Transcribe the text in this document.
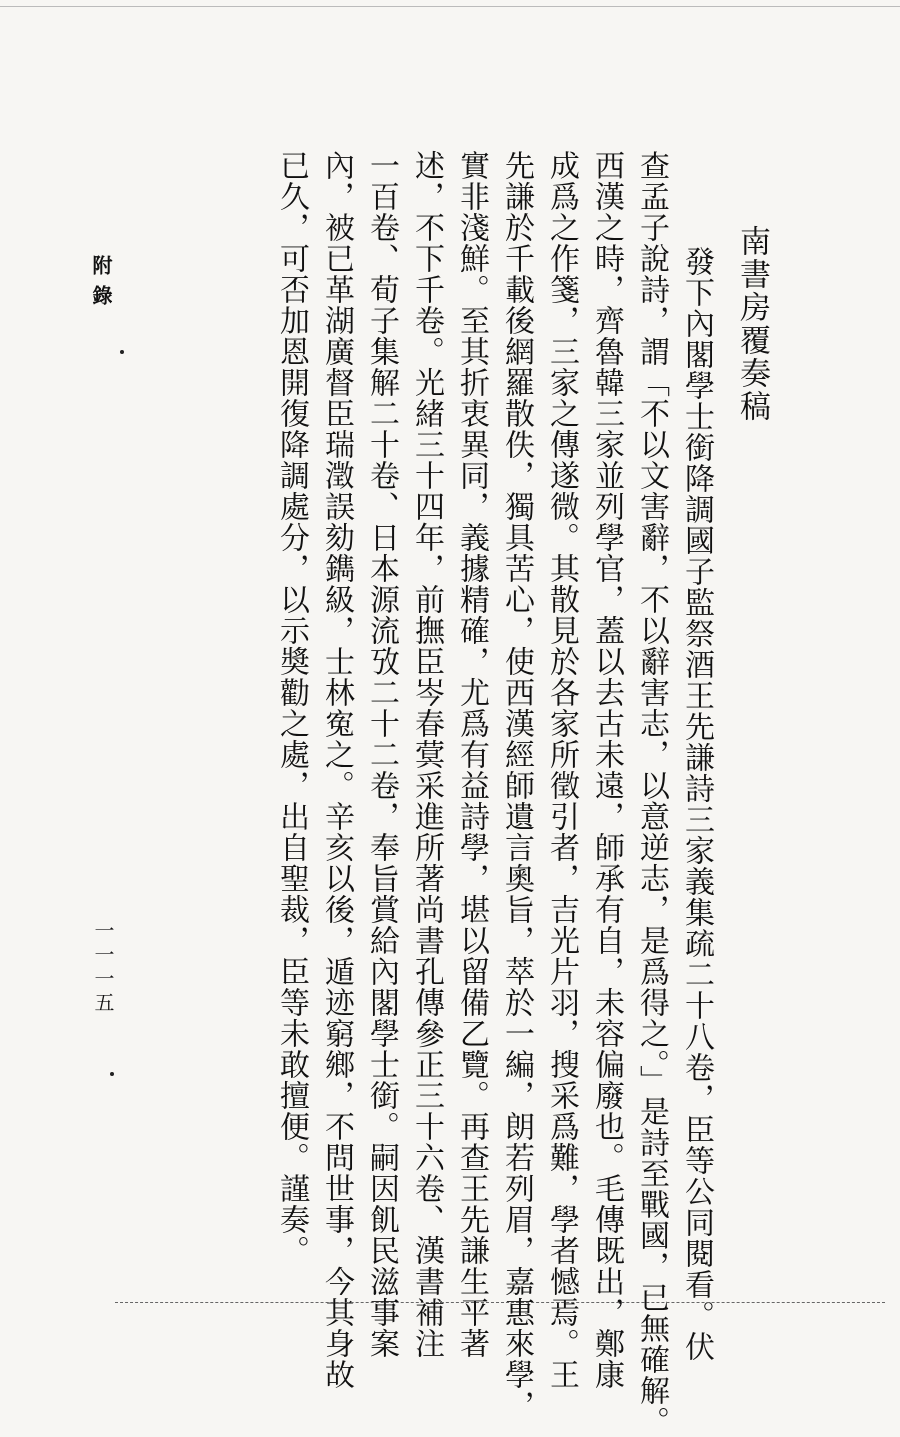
南書房覆奏稿
發下內閣學士銜降調國子監祭酒王先謙詩三家義集疏二十八卷，臣等公同閱看。伏
查孟子說詩，謂「不以文害辭，不以辭害志，以意逆志，是爲得之。」是詩至戰國，已無確解。
西漢之時，齊魯韓三家並列學官，蓋以去古未遠，師承有自，未容偏廢也。毛傳既出，鄭康
成爲之作箋，三家之傳遂微。其散見於各家所徵引者，吉光片羽，搜采爲難，學者憾焉。王
先謙於千載後網羅散佚，獨具苦心，使西漢經師遺言奧旨，萃於一編，朗若列眉，嘉惠來學，
實非淺鮮。至其折衷異同，義據精確，尤爲有益詩學，堪以留備乙覽。再查王先謙生平著
述，不下千卷。光緒三十四年，前撫臣岑春蓂采進所著尚書孔傳參正三十六卷、漢書補注
一百卷、荀子集解二十卷、日本源流攷二十二卷，奉旨賞給內閣學士銜。嗣因飢民滋事案
內，被已革湖廣督臣瑞澂誤劾鐫級，士林寃之。辛亥以後，遁迹窮鄉，不問世事，今其身故
已久，可否加恩開復降調處分，以示奬勸之處，出自聖裁，臣等未敢擅便。謹奏。
附錄
一一一五
